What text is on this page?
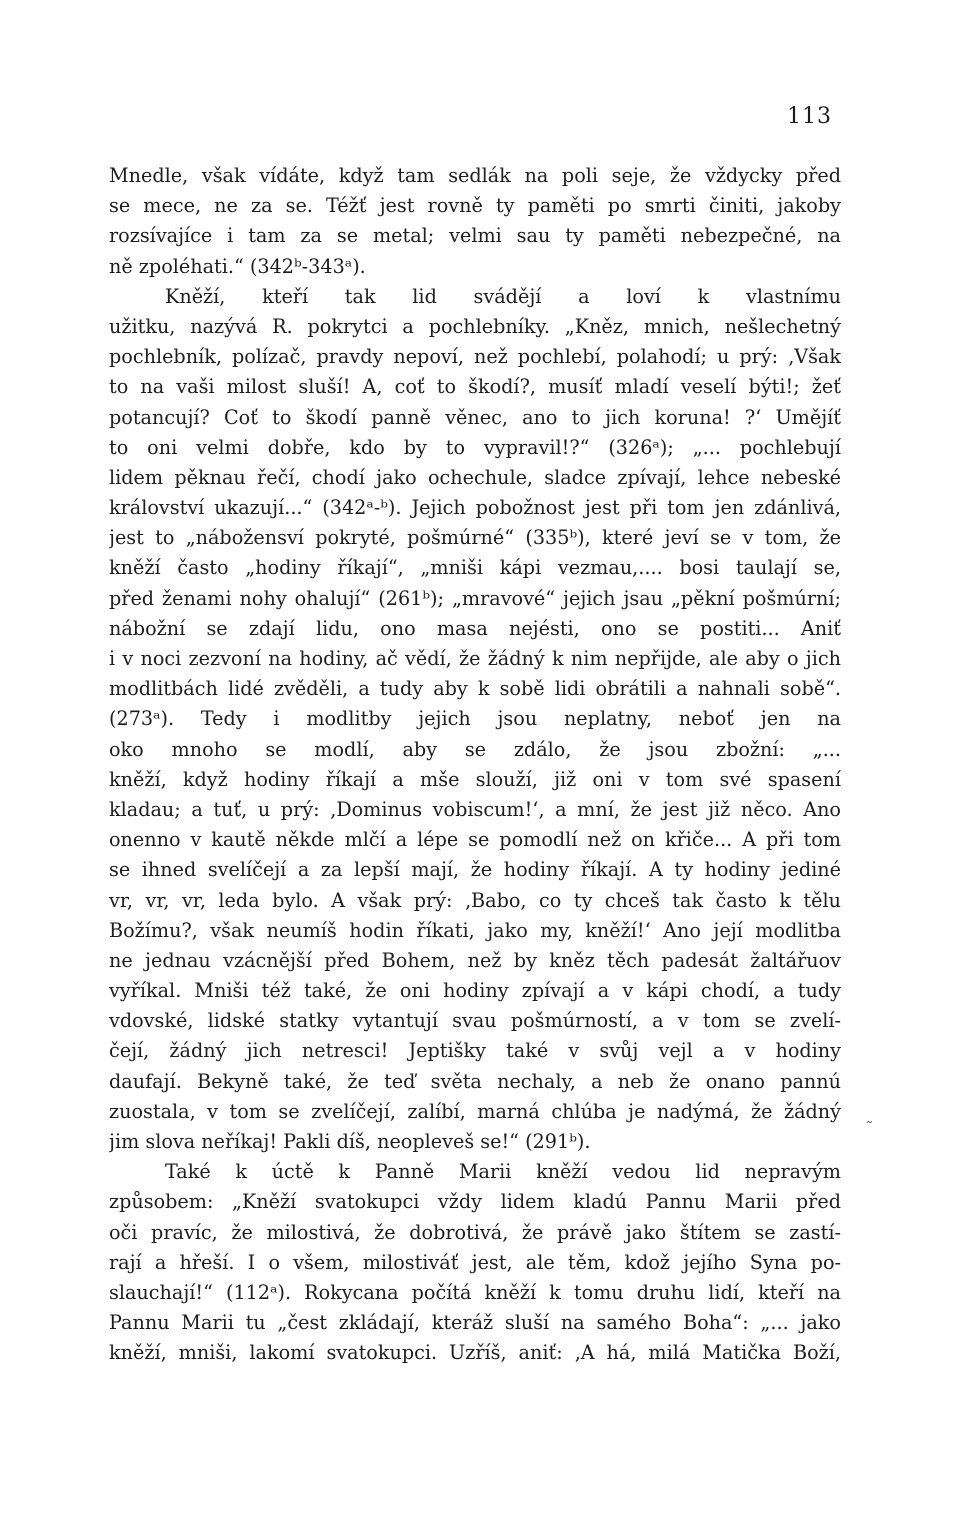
113
Mnedle, však vídáte, když tam sedlák na poli seje, že vždycky před
se mece, ne za se. Téžť jest rovně ty paměti po smrti činiti, jakoby
rozsívajíce i tam za se metal; velmi sau ty paměti nebezpečné, na
ně zpoléhati.“ (342ᵇ-343ᵃ).
Kněží, kteří tak lid svádějí a loví k vlastnímu
užitku, nazývá R. pokrytci a pochlebníky. „Kněz, mnich, nešlechetný
pochlebník, polízač, pravdy nepoví, než pochlebí, polahodí; u prý: ‚Však
to na vaši milost sluší! A, coť to škodí?, musíť mladí veselí býti!; žeť
potancují? Coť to škodí panně věnec, ano to jich koruna! ?‘ Umějíť
to oni velmi dobře, kdo by to vypravil!?“ (326ᵃ); „... pochlebují
lidem pěknau řečí, chodí jako ochechule, sladce zpívají, lehce nebeské
království ukazují...“ (342ᵃ-ᵇ). Jejich pobožnost jest při tom jen zdánlivá,
jest to „nábožensví pokryté, pošmúrné“ (335ᵇ), které jeví se v tom, že
kněží často „hodiny říkají“, „mniši kápi vezmau,.... bosi taulají se,
před ženami nohy ohalují“ (261ᵇ); „mravové“ jejich jsau „pěkní pošmúrní;
nábožní se zdají lidu, ono masa nejésti, ono se postiti... Aniť
i v noci zezvoní na hodiny, ač vědí, že žádný k nim nepřijde, ale aby o jich
modlitbách lidé zvěděli, a tudy aby k sobě lidi obrátili a nahnali sobě“.
(273ᵃ). Tedy i modlitby jejich jsou neplatny, neboť jen na
oko mnoho se modlí, aby se zdálo, že jsou zbožní: „...
kněží, když hodiny říkají a mše slouží, již oni v tom své spasení
kladau; a tuť, u prý: ‚Dominus vobiscum!‘, a mní, že jest již něco. Ano
onenno v kautě někde mlčí a lépe se pomodlí než on křiče... A při tom
se ihned svelíčejí a za lepší mají, že hodiny říkají. A ty hodiny jediné
vr, vr, vr, leda bylo. A však prý: ‚Babo, co ty chceš tak často k tělu
Božímu?, však neumíš hodin říkati, jako my, kněží!‘ Ano její modlitba
ne jednau vzácnější před Bohem, než by kněz těch padesát žaltářuov
vyříkal. Mniši též také, že oni hodiny zpívají a v kápi chodí, a tudy
vdovské, lidské statky vytantují svau pošmúrností, a v tom se zvelí-
čejí, žádný jich netresci! Jeptišky také v svůj vejl a v hodiny
daufají. Bekyně také, že teď světa nechaly, a neb že onano pannú
zuostala, v tom se zvelíčejí, zalíbí, marná chlúba je nadýmá, že žádný
jim slova neříkaj! Pakli díš, neopleveš se!“ (291ᵇ).
Také k úctě k Panně Marii kněží vedou lid nepravým
způsobem: „Kněží svatokupci vždy lidem kladú Pannu Marii před
oči pravíc, že milostivá, že dobrotivá, že právě jako štítem se zastí-
rají a hřeší. I o všem, milostiváť jest, ale těm, kdož jejího Syna po-
slauchají!“ (112ᵃ). Rokycana počítá kněží k tomu druhu lidí, kteří na
Pannu Marii tu „čest zkládají, kteráž sluší na samého Boha“: „... jako
kněží, mniši, lakomí svatokupci. Uzříš, aniť: ‚A há, milá Matička Boží,
˜
